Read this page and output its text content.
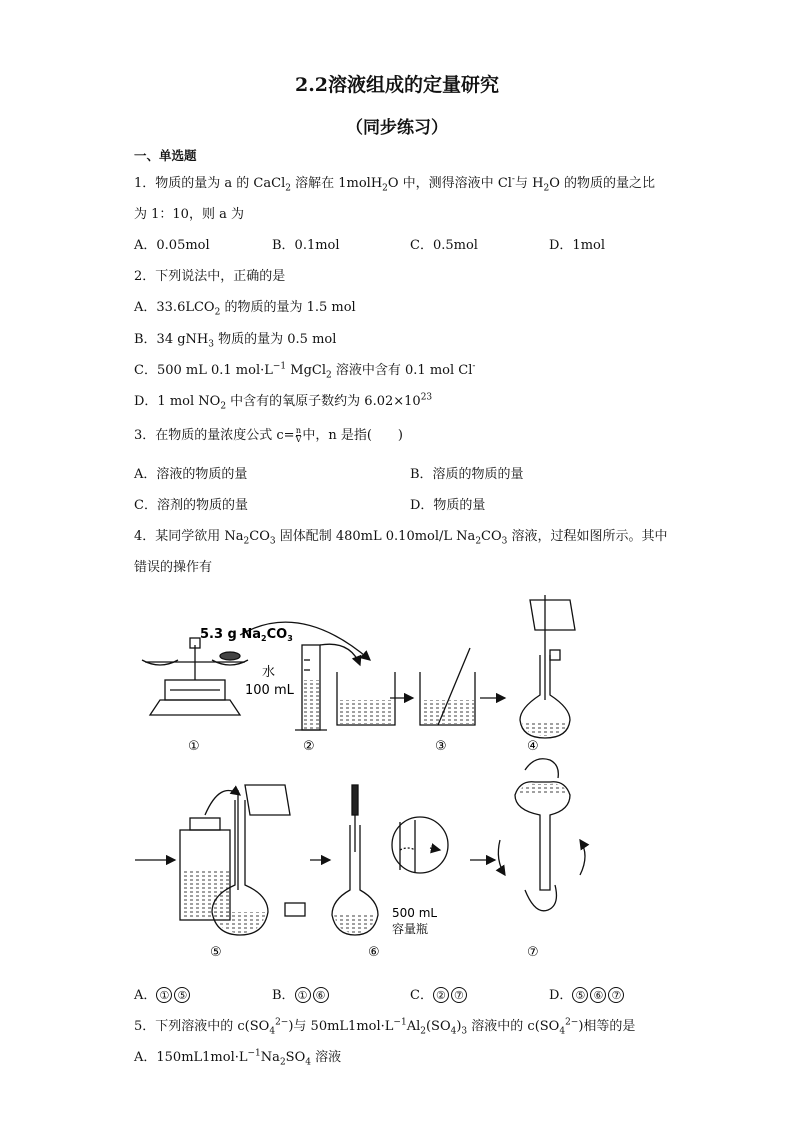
2.2溶液组成的定量研究
（同步练习）
一、单选题
1．物质的量为 a 的 CaCl$_2$ 溶解在 1molH$_2$O 中，测得溶液中 Cl-与 $H_2O$ 的物质的量之比
为 1：10，则 a 为
A．0.05mol	B．0.1mol	C．0.5mol	D．1mol
2．下列说法中，正确的是
A．$33.6LCO_2$ 的物质的量为 1.5 mol
B．34 gNH$_3$ 物质的量为 0.5 mol
C．500 mL 0.1 $mol\cdot L^{-1}$ MgCl$_2$ 溶液中含有 0.1 mol Cl-
D．1 mol $NO_2$ 中含有的氧原子数约为 $6.02\times 10^{23}$
3．在物质的量浓度公式 $c= \frac{n}{V}$ 中，n 是指(　　)
A．溶液的物质的量	B．溶质的物质的量
C．溶剂的物质的量	D．物质的量
4．某同学欲用 $Na_2CO_3$ 固体配制 480mL 0.10mol/L $Na_2CO_3$ 溶液，过程如图所示。其中
错误的操作有
5.3 g $Na_2CO_3$
水
100 mL
500 mL
容量瓶
①	②	③	④
⑤	⑥	⑦
A． ① ⑤	B． ① ⑥	C． ② ⑦	D． ⑤ ⑥ ⑦
5．下列溶液中的 $c(SO_4^{2-})$与 $50mL1mol\cdot L^{-1}Al_2(SO_4)_3$ 溶液中的 $c(SO_4^{2-})$相等的是
A．$150mL1mol\cdot L^{-1}Na_2SO_4$ 溶液
